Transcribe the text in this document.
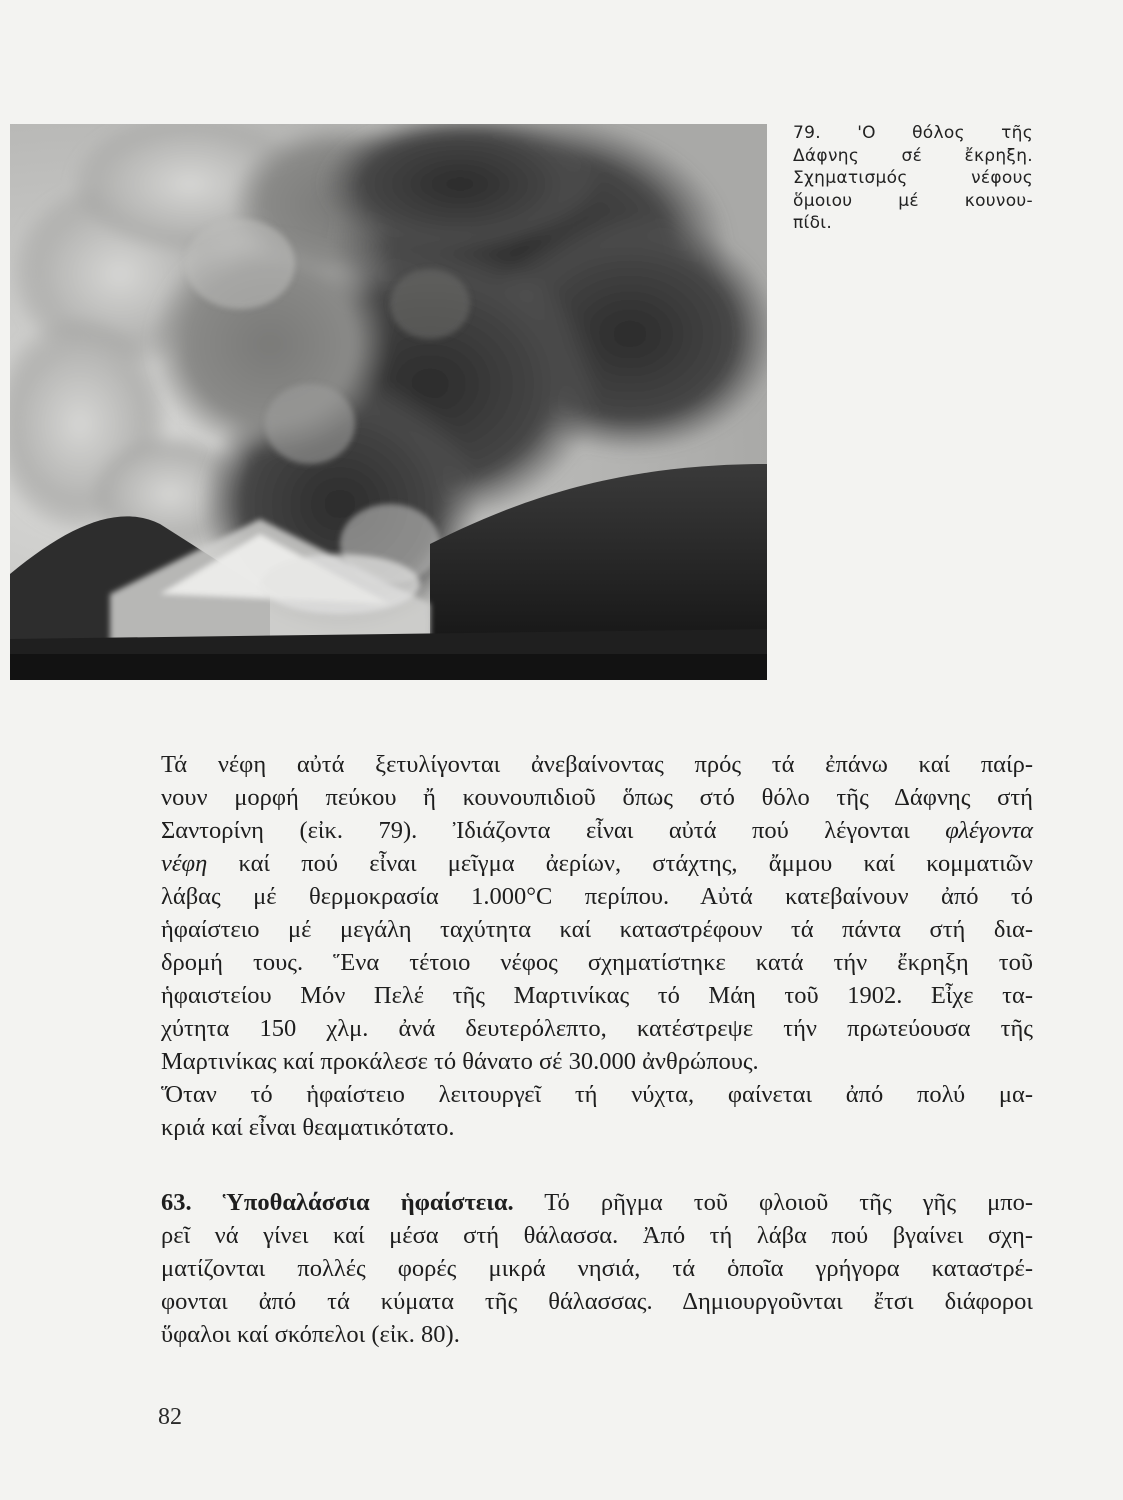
79. 'Ο θόλος τῆς
Δάφνης σέ ἔκρηξη.
Σχηματισμός νέφους
ὅμοιου μέ κουνου-
πίδι.
Τά νέφη αὐτά ξετυλίγονται ἀνεβαίνοντας πρός τά ἐπάνω καί παίρ-
νουν μορφή πεύκου ἤ κουνουπιδιοῦ ὅπως στό θόλο τῆς Δάφνης στή
Σαντορίνη (εἰκ. 79). Ἰδιάζοντα εἶναι αὐτά πού λέγονται φλέγοντα
νέφη καί πού εἶναι μεῖγμα ἀερίων, στάχτης, ἄμμου καί κομματιῶν
λάβας μέ θερμοκρασία 1.000°C περίπου. Αὐτά κατεβαίνουν ἀπό τό
ἡφαίστειο μέ μεγάλη ταχύτητα καί καταστρέφουν τά πάντα στή δια-
δρομή τους. Ἕνα τέτοιο νέφος σχηματίστηκε κατά τήν ἔκρηξη τοῦ
ἡφαιστείου Μόν Πελέ τῆς Μαρτινίκας τό Μάη τοῦ 1902. Εἶχε τα-
χύτητα 150 χλμ. ἀνά δευτερόλεπτο, κατέστρεψε τήν πρωτεύουσα τῆς
Μαρτινίκας καί προκάλεσε τό θάνατο σέ 30.000 ἀνθρώπους.
Ὅταν τό ἡφαίστειο λειτουργεῖ τή νύχτα, φαίνεται ἀπό πολύ μα-
κριά καί εἶναι θεαματικότατο.
63. Ὑποθαλάσσια ἡφαίστεια. Τό ρῆγμα τοῦ φλοιοῦ τῆς γῆς μπο-
ρεῖ νά γίνει καί μέσα στή θάλασσα. Ἀπό τή λάβα πού βγαίνει σχη-
ματίζονται πολλές φορές μικρά νησιά, τά ὁποῖα γρήγορα καταστρέ-
φονται ἀπό τά κύματα τῆς θάλασσας. Δημιουργοῦνται ἔτσι διάφοροι
ὕφαλοι καί σκόπελοι (εἰκ. 80).
82
